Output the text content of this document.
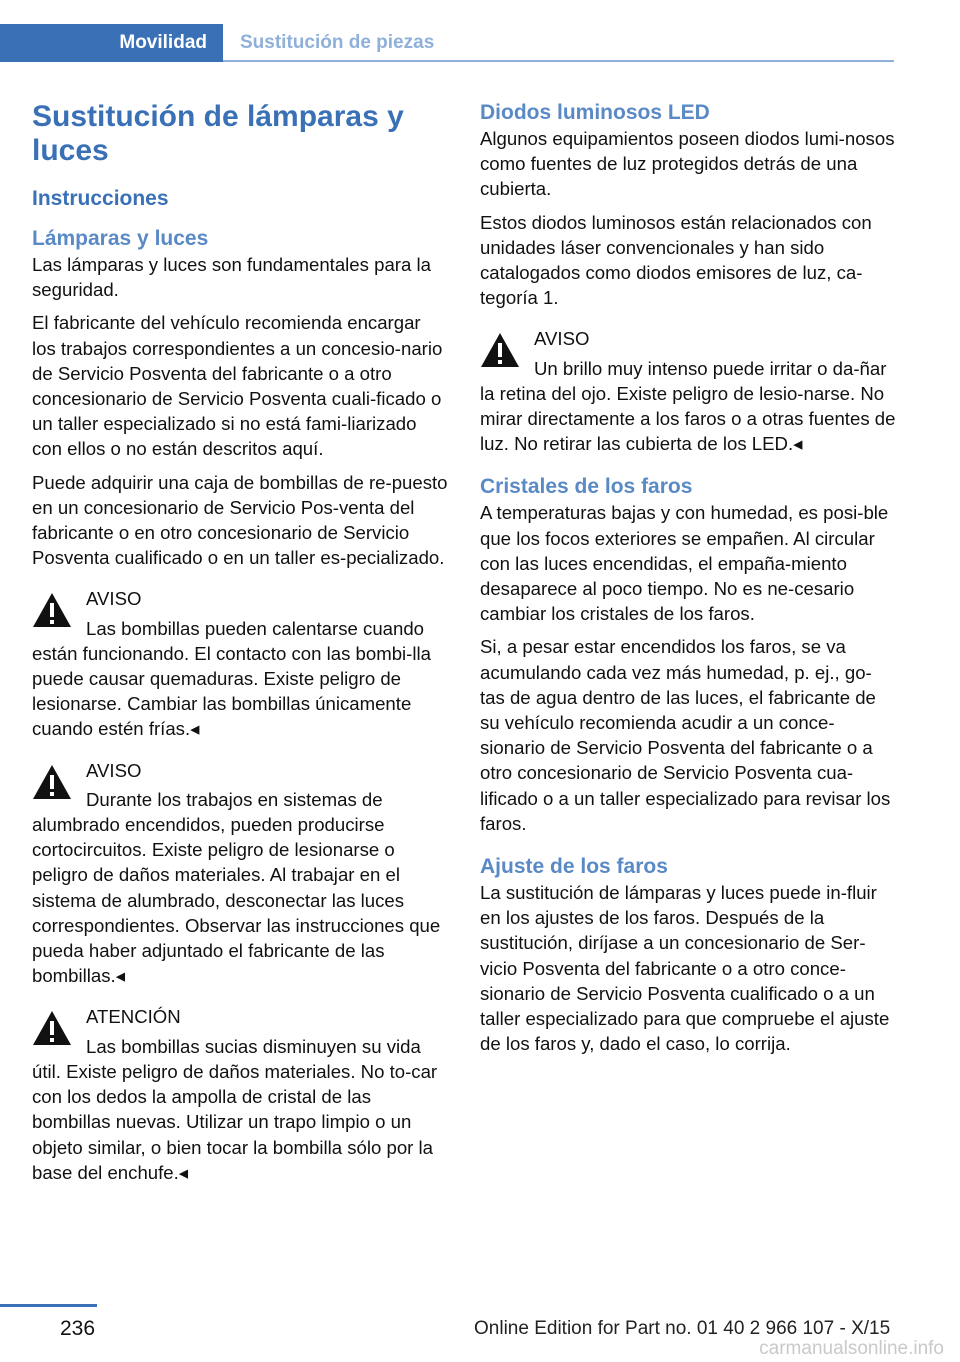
Movilidad	Sustitución de piezas
Sustitución de lámparas y luces
Instrucciones
Lámparas y luces

Las lámparas y luces son fundamentales para la seguridad.

El fabricante del vehículo recomienda encargar los trabajos correspondientes a un concesio-nario de Servicio Posventa del fabricante o a otro concesionario de Servicio Posventa cuali-ficado o un taller especializado si no está fami-liarizado con ellos o no están descritos aquí.

Puede adquirir una caja de bombillas de re-puesto en un concesionario de Servicio Pos-venta del fabricante o en otro concesionario de Servicio Posventa cualificado o en un taller es-pecializado.

AVISO
Las bombillas pueden calentarse cuando están funcionando. El contacto con las bombi-lla puede causar quemaduras. Existe peligro de lesionarse. Cambiar las bombillas únicamente cuando estén frías.◂
AVISO
Durante los trabajos en sistemas de alumbrado encendidos, pueden producirse cortocircuitos. Existe peligro de lesionarse o peligro de daños materiales. Al trabajar en el sistema de alumbrado, desconectar las luces correspondientes. Observar las instrucciones que pueda haber adjuntado el fabricante de las bombillas.◂
ATENCIÓN
Las bombillas sucias disminuyen su vida útil. Existe peligro de daños materiales. No to-car con los dedos la ampolla de cristal de las bombillas nuevas. Utilizar un trapo limpio o un objeto similar, o bien tocar la bombilla sólo por la base del enchufe.◂
Diodos luminosos LED

Algunos equipamientos poseen diodos lumi-nosos como fuentes de luz protegidos detrás de una cubierta.

Estos diodos luminosos están relacionados con unidades láser convencionales y han sido catalogados como diodos emisores de luz, ca-tegoría 1.

AVISO
Un brillo muy intenso puede irritar o da-ñar la retina del ojo. Existe peligro de lesio-narse. No mirar directamente a los faros o a otras fuentes de luz. No retirar las cubierta de los LED.◂
Cristales de los faros

A temperaturas bajas y con humedad, es posi-ble que los focos exteriores se empañen. Al circular con las luces encendidas, el empaña-miento desaparece al poco tiempo. No es ne-cesario cambiar los cristales de los faros.

Si, a pesar estar encendidos los faros, se va acumulando cada vez más humedad, p. ej., go-tas de agua dentro de las luces, el fabricante de su vehículo recomienda acudir a un conce-sionario de Servicio Posventa del fabricante o a otro concesionario de Servicio Posventa cua-lificado o a un taller especializado para revisar los faros.

Ajuste de los faros

La sustitución de lámparas y luces puede in-fluir en los ajustes de los faros. Después de la sustitución, diríjase a un concesionario de Ser-vicio Posventa del fabricante o a otro conce-sionario de Servicio Posventa cualificado o a un taller especializado para que compruebe el ajuste de los faros y, dado el caso, lo corrija.

236	Online Edition for Part no. 01 40 2 966 107 - X/15
carmanualsonline.info
